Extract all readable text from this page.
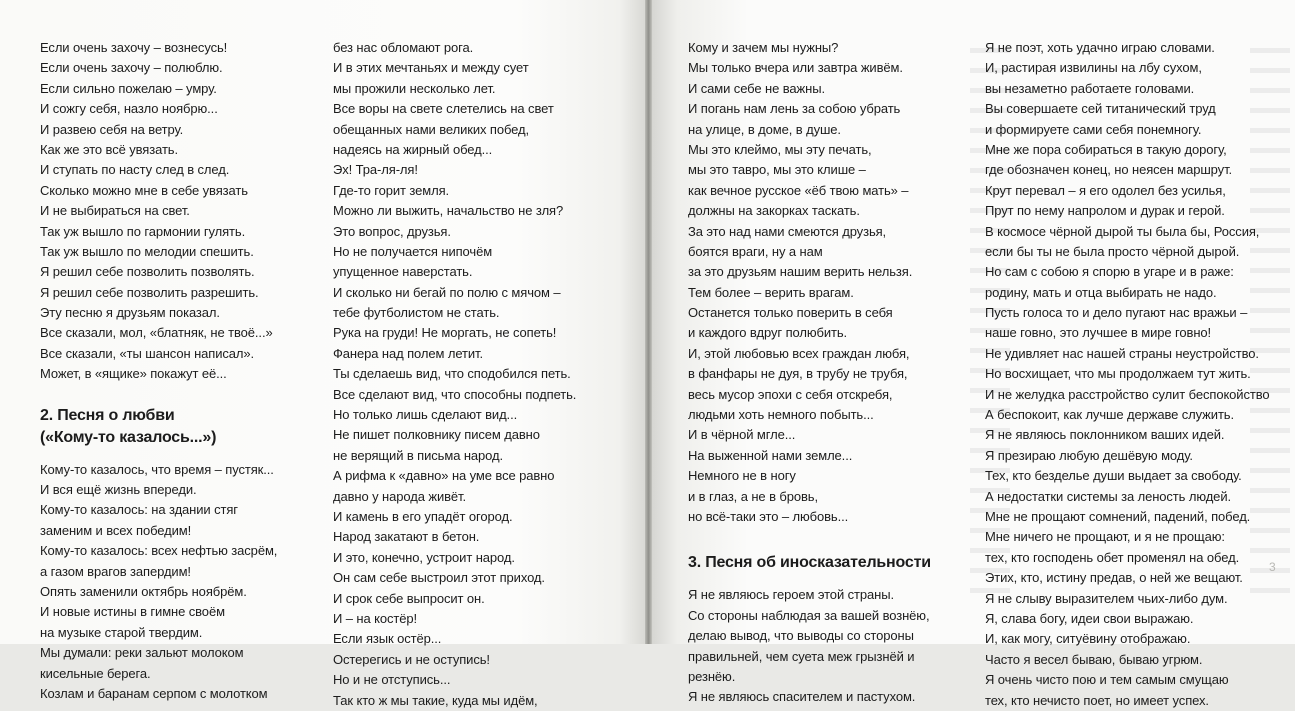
Если очень захочу – вознесусь!
Если очень захочу – полюблю.
Если сильно пожелаю – умру.
И сожгу себя, назло ноябрю...
И развею себя на ветру.
Как же это всё увязать.
И ступать по насту след в след.
Сколько можно мне в себе увязать
И не выбираться на свет.
Так уж вышло по гармонии гулять.
Так уж вышло по мелодии спешить.
Я решил себе позволить позволять.
Я решил себе позволить разрешить.
Эту песню я друзьям показал.
Все сказали, мол, «блатняк, не твоё...»
Все сказали, «ты шансон написал».
Может, в «ящике» покажут её...
2. Песня о любви
(«Кому-то казалось...»)
Кому-то казалось, что время – пустяк...
И вся ещё жизнь впереди.
Кому-то казалось: на здании стяг
заменим и всех победим!
Кому-то казалось: всех нефтью засрём,
а газом врагов запердим!
Опять заменили октябрь ноябрём.
И новые истины в гимне своём
на музыке старой твердим.
Мы думали: реки зальют молоком
кисельные берега.
Козлам и баранам серпом с молотком
без нас обломают рога.
И в этих мечтаньях и между сует
мы прожили несколько лет.
Все воры на свете слетелись на свет
обещанных нами великих побед,
надеясь на жирный обед...
Эх! Тра-ля-ля!
Где-то горит земля.
Можно ли выжить, начальство не зля?
Это вопрос, друзья.
Но не получается нипочём
упущенное наверстать.
И сколько ни бегай по полю с мячом –
тебе футболистом не стать.
Рука на груди! Не моргать, не сопеть!
Фанера над полем летит.
Ты сделаешь вид, что сподобился петь.
Все сделают вид, что способны подпеть.
Но только лишь сделают вид...
Не пишет полковнику писем давно
не верящий в письма народ.
А рифма к «давно» на уме все равно
давно у народа живёт.
И камень в его упадёт огород.
Народ закатают в бетон.
И это, конечно, устроит народ.
Он сам себе выстроил этот приход.
И срок себе выпросит он.
И – на костёр!
Если язык остёр...
Остерегись и не оступись!
Но и не отступись...
Так кто ж мы такие, куда мы идём,
Кому и зачем мы нужны?
Мы только вчера или завтра живём.
И сами себе не важны.
И погань нам лень за собою убрать
на улице, в доме, в душе.
Мы это клеймо, мы эту печать,
мы это тавро, мы это клише –
как вечное русское «ёб твою мать» –
должны на закорках таскать.
За это над нами смеются друзья,
боятся враги, ну а нам
за это друзьям нашим верить нельзя.
Тем более – верить врагам.
Останется только поверить в себя
и каждого вдруг полюбить.
И, этой любовью всех граждан любя,
в фанфары не дуя, в трубу не трубя,
весь мусор эпохи с себя отскребя,
людьми хоть немного побыть...
И в чёрной мгле...
На выженной нами земле...
Немного не в ногу
и в глаз, а не в бровь,
но всё-таки это – любовь...
3. Песня об иносказательности
Я не являюсь героем этой страны.
Со стороны наблюдая за вашей вознёю,
делаю вывод, что выводы со стороны
правильней, чем суета меж грызнёй и
резнёю.
Я не являюсь спасителем и пастухом.
Я не поэт, хоть удачно играю словами.
И, растирая извилины на лбу сухом,
вы незаметно работаете головами.
Вы совершаете сей титанический труд
и формируете сами себя понемногу.
Мне же пора собираться в такую дорогу,
где обозначен конец, но неясен маршрут.
Крут перевал – я его одолел без усилья,
Прут по нему напролом и дурак и герой.
В космосе чёрной дырой ты была бы, Россия,
если бы ты не была просто чёрной дырой.
Но сам с собою я спорю в угаре и в раже:
родину, мать и отца выбирать не надо.
Пусть голоса то и дело пугают нас вражьи –
наше говно, это лучшее в мире говно!
Не удивляет нас нашей страны неустройство.
Но восхищает, что мы продолжаем тут жить.
И не желудка расстройство сулит беспокойство
А беспокоит, как лучше державе служить.
Я не являюсь поклонником ваших идей.
Я презираю любую дешёвую моду.
Тех, кто безделье души выдает за свободу.
А недостатки системы за леность людей.
Мне не прощают сомнений, падений, побед.
Мне ничего не прощают, и я не прощаю:
тех, кто господень обет променял на обед.
Этих, кто, истину предав, о ней же вещают.
Я не слыву выразителем чьих-либо дум.
Я, слава богу, идеи свои выражаю.
И, как могу, ситуёвину отображаю.
Часто я весел бываю, бываю угрюм.
Я очень чисто пою и тем самым смущаю
тех, кто нечисто поет, но имеет успех.
3
